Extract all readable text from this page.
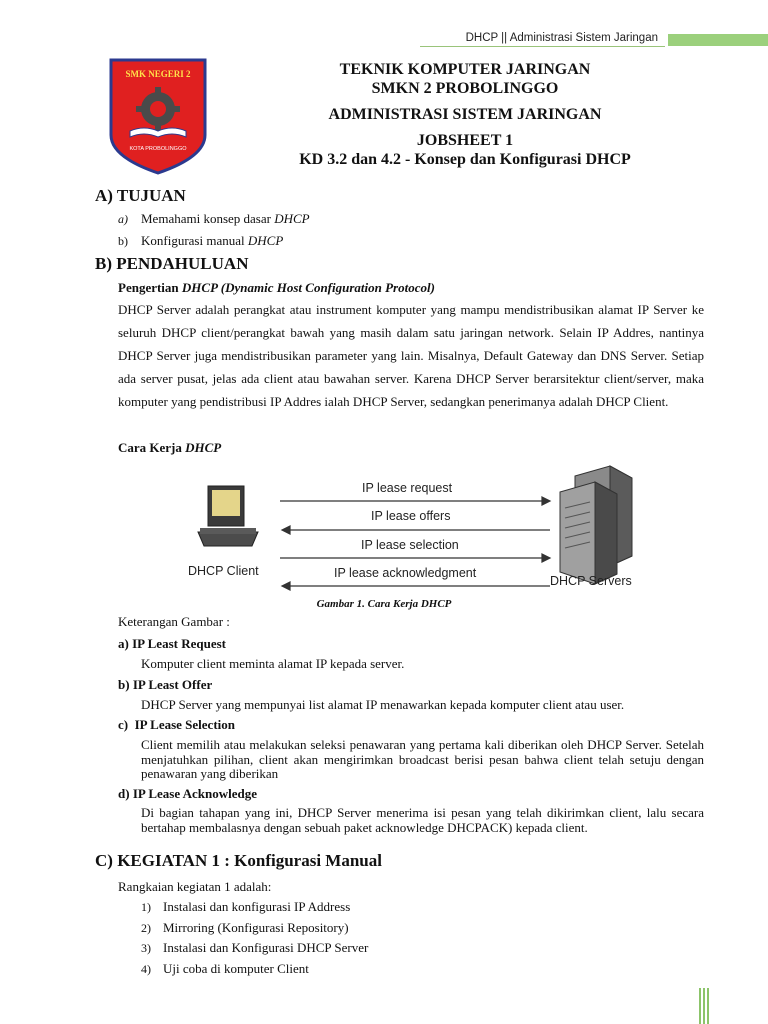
DHCP || Administrasi Sistem Jaringan
SMK NEGERI 2
KOTA PROBOLINGGO
TEKNIK KOMPUTER JARINGAN
SMKN 2 PROBOLINGGO
ADMINISTRASI SISTEM JARINGAN
JOBSHEET 1
KD 3.2 dan 4.2 - Konsep dan Konfigurasi DHCP
A) TUJUAN
a) Memahami konsep dasar DHCP
b) Konfigurasi manual DHCP
B) PENDAHULUAN
Pengertian DHCP (Dynamic Host Configuration Protocol)
DHCP Server adalah perangkat atau instrument komputer yang mampu mendistribusikan alamat IP Server ke seluruh DHCP client/perangkat bawah yang masih dalam satu jaringan network. Selain IP Addres, nantinya DHCP Server juga mendistribusikan parameter yang lain. Misalnya, Default Gateway dan DNS Server. Setiap ada server pusat, jelas ada client atau bawahan server. Karena DHCP Server berarsitektur client/server, maka komputer yang pendistribusi IP Addres ialah DHCP Server, sedangkan penerimanya adalah DHCP Client.
Cara Kerja DHCP
IP lease request
IP lease offers
IP lease selection
IP lease acknowledgment
DHCP Client
DHCP Servers
Gambar 1. Cara Kerja DHCP
Keterangan Gambar :
a) IP Least Request
Komputer client meminta alamat IP kepada server.
b) IP Least Offer
DHCP Server yang mempunyai list alamat IP menawarkan kepada komputer client atau user.
c) IP Lease Selection
Client memilih atau melakukan seleksi penawaran yang pertama kali diberikan oleh DHCP Server. Setelah menjatuhkan pilihan, client akan mengirimkan broadcast berisi pesan bahwa client telah setuju dengan penawaran yang diberikan
d) IP Lease Acknowledge
Di bagian tahapan yang ini, DHCP Server menerima isi pesan yang telah dikirimkan client, lalu secara bertahap membalasnya dengan sebuah paket acknowledge DHCPACK) kepada client.
C) KEGIATAN 1 : Konfigurasi Manual
Rangkaian kegiatan 1 adalah:
1) Instalasi dan konfigurasi IP Address
2) Mirroring (Konfigurasi Repository)
3) Instalasi dan Konfigurasi DHCP Server
4) Uji coba di komputer Client
